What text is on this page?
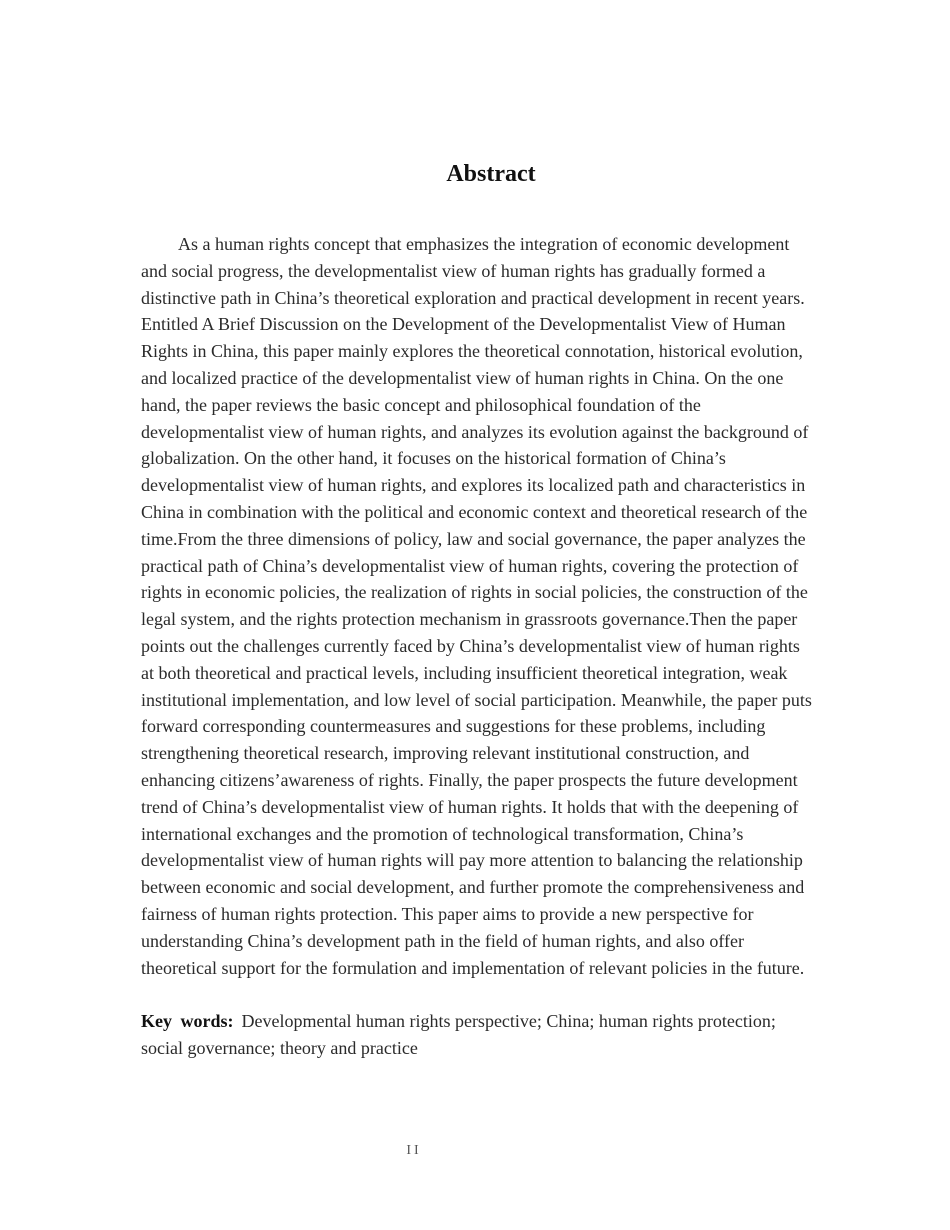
Abstract
As a human rights concept that emphasizes the integration of economic development
and social progress, the developmentalist view of human rights has gradually formed a
distinctive path in China’s theoretical exploration and practical development in recent years.
Entitled A Brief Discussion on the Development of the Developmentalist View of Human
Rights in China, this paper mainly explores the theoretical connotation, historical evolution,
and localized practice of the developmentalist view of human rights in China. On the one
hand, the paper reviews the basic concept and philosophical foundation of the
developmentalist view of human rights, and analyzes its evolution against the background of
globalization. On the other hand, it focuses on the historical formation of China’s
developmentalist view of human rights, and explores its localized path and characteristics in
China in combination with the political and economic context and theoretical research of the
time.From the three dimensions of policy, law and social governance, the paper analyzes the
practical path of China’s developmentalist view of human rights, covering the protection of
rights in economic policies, the realization of rights in social policies, the construction of the
legal system, and the rights protection mechanism in grassroots governance.Then the paper
points out the challenges currently faced by China’s developmentalist view of human rights
at both theoretical and practical levels, including insufficient theoretical integration, weak
institutional implementation, and low level of social participation. Meanwhile, the paper puts
forward corresponding countermeasures and suggestions for these problems, including
strengthening theoretical research, improving relevant institutional construction, and
enhancing citizens’awareness of rights. Finally, the paper prospects the future development
trend of China’s developmentalist view of human rights. It holds that with the deepening of
international exchanges and the promotion of technological transformation, China’s
developmentalist view of human rights will pay more attention to balancing the relationship
between economic and social development, and further promote the comprehensiveness and
fairness of human rights protection. This paper aims to provide a new perspective for
understanding China’s development path in the field of human rights, and also offer
theoretical support for the formulation and implementation of relevant policies in the future.
Key words: Developmental human rights perspective; China; human rights protection;
social governance; theory and practice
II
